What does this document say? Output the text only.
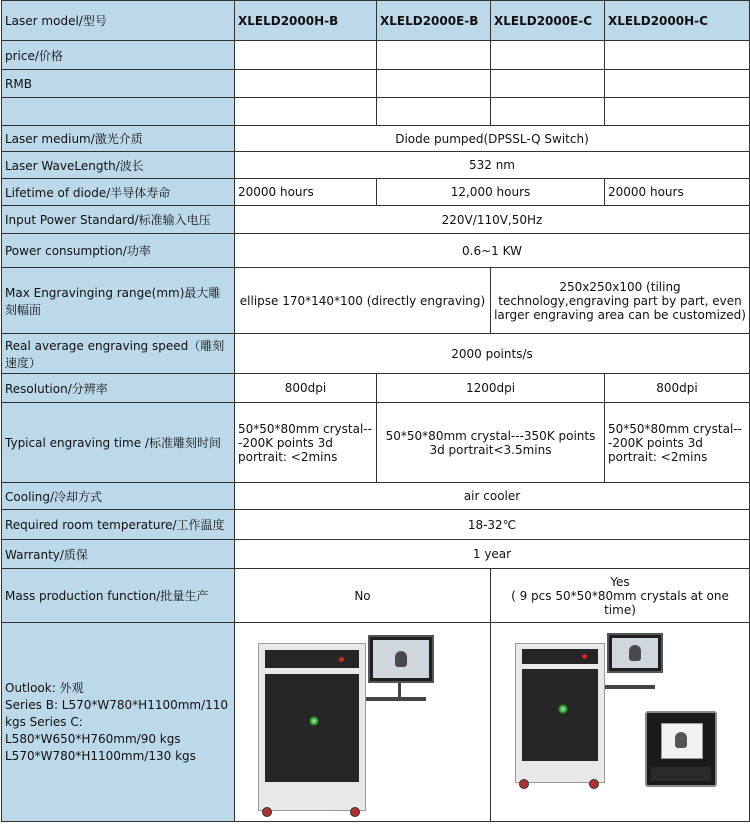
Laser model/型号	XLELD2000H-B	XLELD2000E-B	XLELD2000E-C	XLELD2000H-C
price/价格				
RMB				

Laser medium/激光介质	Diode pumped(DPSSL-Q Switch)			
Laser WaveLength/波长	532 nm			
Lifetime of diode/半导体寿命	20000 hours	12,000 hours		20000 hours
Input Power Standard/标准输入电压	220V/110V,50Hz			
Power consumption/功率	0.6~1 KW			
Max Engravinging range(mm)最大雕刻幅面	ellipse 170*140*100 (directly engraving)		250x250x100 (tiling technology,engraving part by part, even larger engraving area can be customized)	
Real average engraving speed（雕刻速度）	2000 points/s			
Resolution/分辨率	800dpi	1200dpi		800dpi
Typical engraving time /标准雕刻时间	50*50*80mm crystal---200K points 3d portrait: <2mins	50*50*80mm crystal---350K points 3d portrait<3.5mins		50*50*80mm crystal---200K points 3d portrait: <2mins
Cooling/冷却方式	air cooler			
Required room temperature/工作温度	18-32℃			
Warranty/质保	1 year			
Mass production function/批量生产	No		Yes
( 9 pcs 50*50*80mm crystals at one time)	

Outlook: 外观
Series B: L570*W780*H1100mm/110 kgs Series C:
L580*W650*H760mm/90 kgs
L570*W780*H1100mm/130 kgs				
